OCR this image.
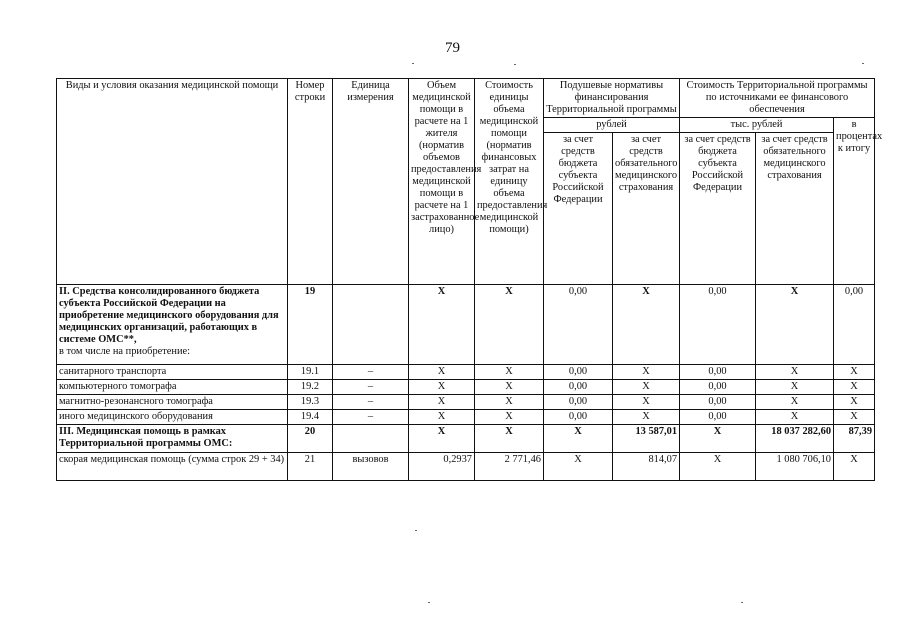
79
Виды и условия оказания медицинской помощи	Номер строки	Единица измерения	Объем медицинской помощи в расчете на 1 жителя (норматив объемов предоставления медицинской помощи в расчете на 1 застрахованное лицо)	Стоимость единицы объема медицинской помощи (норматив финансовых затрат на единицу объема предоставления медицинской помощи)	Подушевые нормативы финансирования Территориальной программы		Стоимость Территориальной программы по источниками ее финансового обеспечения		
					рублей		тыс. рублей		в процентах к итогу
					за счет средств бюджета субъекта Российской Федерации	за счет средств обязательного медицинского страхования	за счет средств бюджета субъекта Российской Федерации	за счет средств обязательного медицинского страхования	
II. Средства консолидированного бюджета субъекта Российской Федерации на приобретение медицинского оборудования для медицинских организаций, работающих в системе ОМС**,
в том числе на приобретение:	19		X	X	0,00	X	0,00	X	0,00
санитарного транспорта	19.1	–	X	X	0,00	X	0,00	X	X
компьютерного томографа	19.2	–	X	X	0,00	X	0,00	X	X
магнитно-резонансного томографа	19.3	–	X	X	0,00	X	0,00	X	X
иного медицинского оборудования	19.4	–	X	X	0,00	X	0,00	X	X
III. Медицинская помощь в рамках Территориальной программы ОМС:	20		X	X	X	13 587,01	X	18 037 282,60	87,39
скорая медицинская помощь (сумма строк 29 + 34)	21	вызовов	0,2937	2 771,46	X	814,07	X	1 080 706,10	X
